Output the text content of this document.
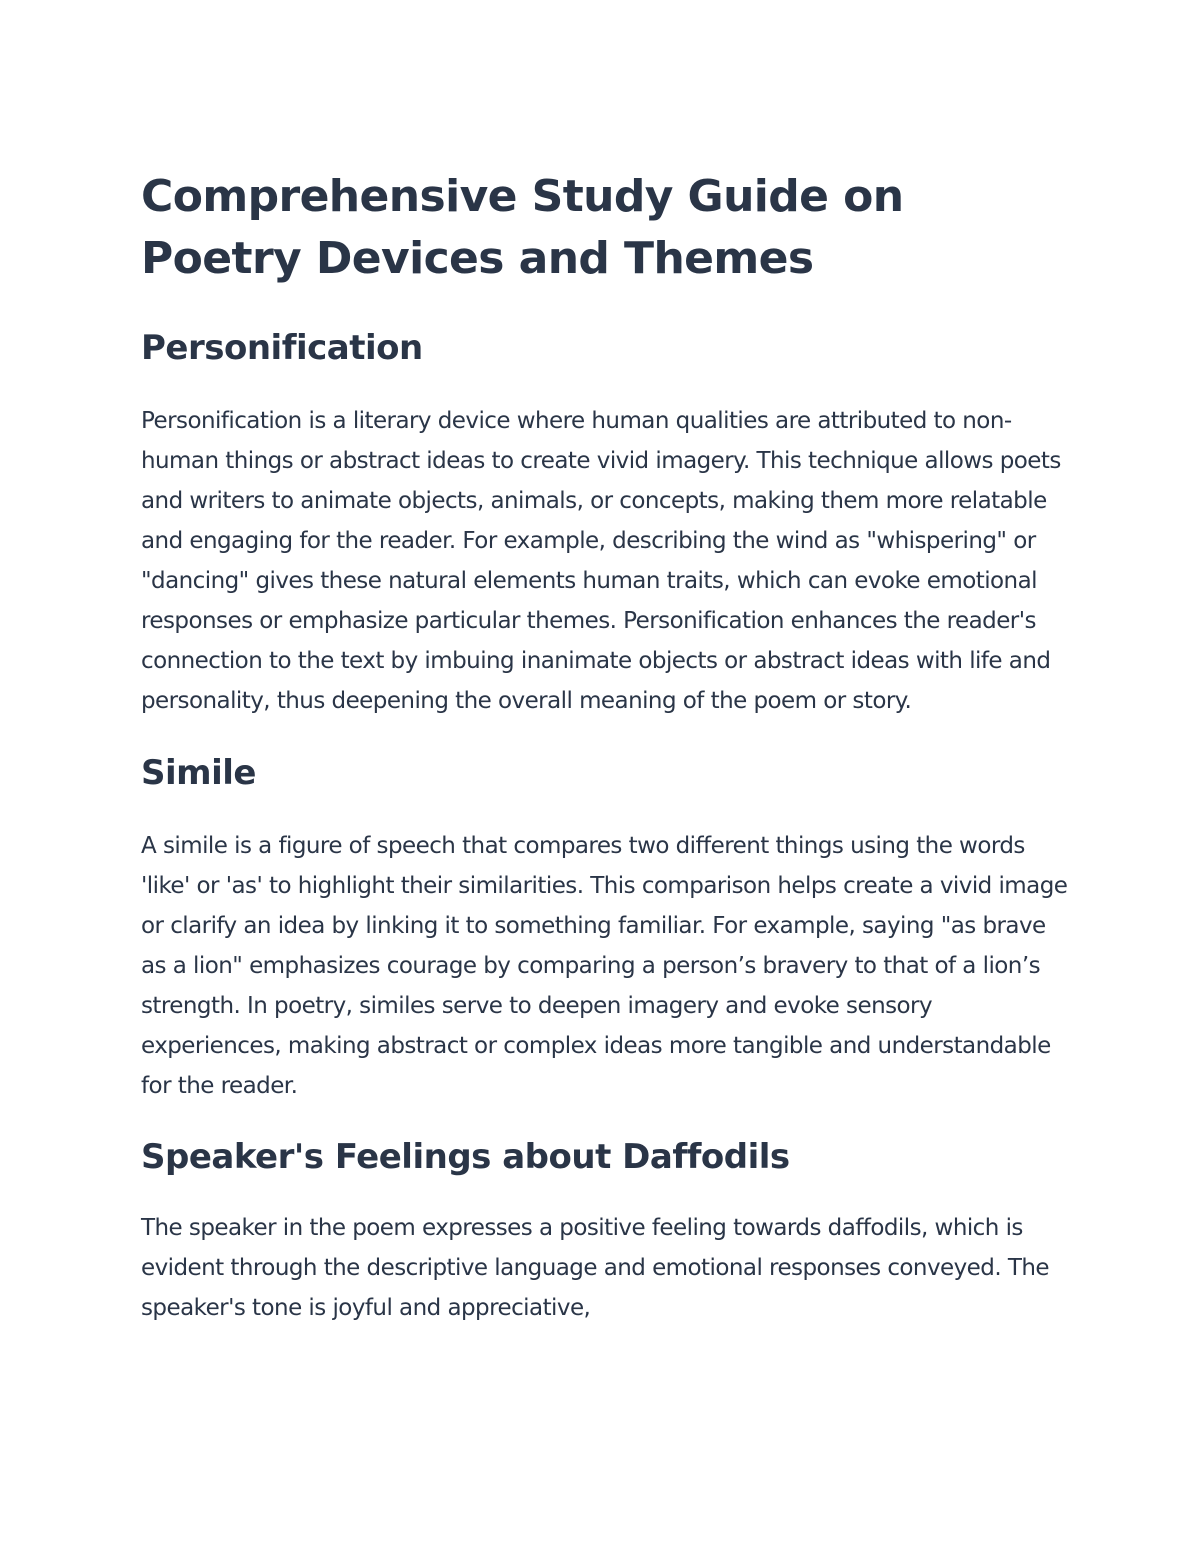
Comprehensive Study Guide on Poetry Devices and Themes
Personification

Personification is a literary device where human qualities are attributed to non-human things or abstract ideas to create vivid imagery. This technique allows poets and writers to animate objects, animals, or concepts, making them more relatable and engaging for the reader. For example, describing the wind as "whispering" or "dancing" gives these natural elements human traits, which can evoke emotional responses or emphasize particular themes. Personification enhances the reader's connection to the text by imbuing inanimate objects or abstract ideas with life and personality, thus deepening the overall meaning of the poem or story.

Simile

A simile is a figure of speech that compares two different things using the words 'like' or 'as' to highlight their similarities. This comparison helps create a vivid image or clarify an idea by linking it to something familiar. For example, saying "as brave as a lion" emphasizes courage by comparing a person’s bravery to that of a lion’s strength. In poetry, similes serve to deepen imagery and evoke sensory experiences, making abstract or complex ideas more tangible and understandable for the reader.

Speaker's Feelings about Daffodils

The speaker in the poem expresses a positive feeling towards daffodils, which is evident through the descriptive language and emotional responses conveyed. The speaker's tone is joyful and appreciative,
